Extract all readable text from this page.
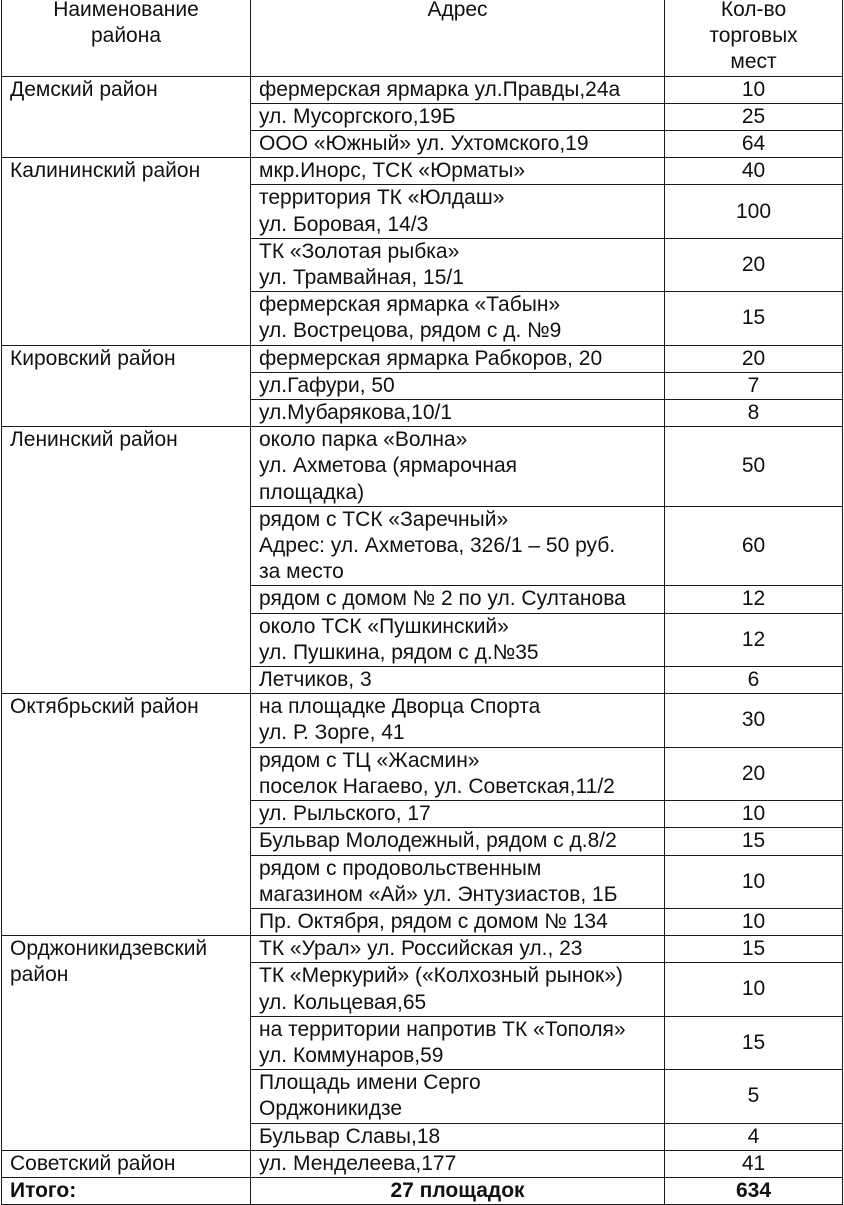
Наименование района	Адрес	Кол-во торговых мест
Демский район	фермерская ярмарка ул.Правды,24а	10
	ул. Мусоргского,19Б	25
	ООО «Южный» ул. Ухтомского,19	64
Калининский район	мкр.Инорс, ТСК «Юрматы»	40
	территория ТК «Юлдаш»
ул. Боровая, 14/3	100
	ТК «Золотая рыбка»
ул. Трамвайная, 15/1	20
	фермерская ярмарка «Табын»
ул. Вострецова, рядом с д. №9	15
Кировский район	фермерская ярмарка Рабкоров, 20	20
	ул.Гафури, 50	7
	ул.Мубарякова,10/1	8
Ленинский район	около парка «Волна»
ул. Ахметова (ярмарочная
площадка)	50
	рядом с ТСК «Заречный»
Адрес: ул. Ахметова, 326/1 – 50 руб.
за место	60
	рядом с домом № 2 по ул. Султанова	12
	около ТСК «Пушкинский»
ул. Пушкина, рядом с д.№35	12
	Летчиков, 3	6
Октябрьский район	на площадке Дворца Спорта
ул. Р. Зорге, 41	30
	рядом с ТЦ «Жасмин»
поселок Нагаево, ул. Советская,11/2	20
	ул. Рыльского, 17	10
	Бульвар Молодежный, рядом с д.8/2	15
	рядом с продовольственным
магазином «Ай» ул. Энтузиастов, 1Б	10
	Пр. Октября, рядом с домом № 134	10
Орджоникидзевский
район	ТК «Урал» ул. Российская ул., 23	15
	ТК «Меркурий» («Колхозный рынок»)
ул. Кольцевая,65	10
	на территории напротив ТК «Тополя»
ул. Коммунаров,59	15
	Площадь имени Серго
Орджоникидзе	5
	Бульвар Славы,18	4
Советский район	ул. Менделеева,177	41
Итого:	27 площадок	634
